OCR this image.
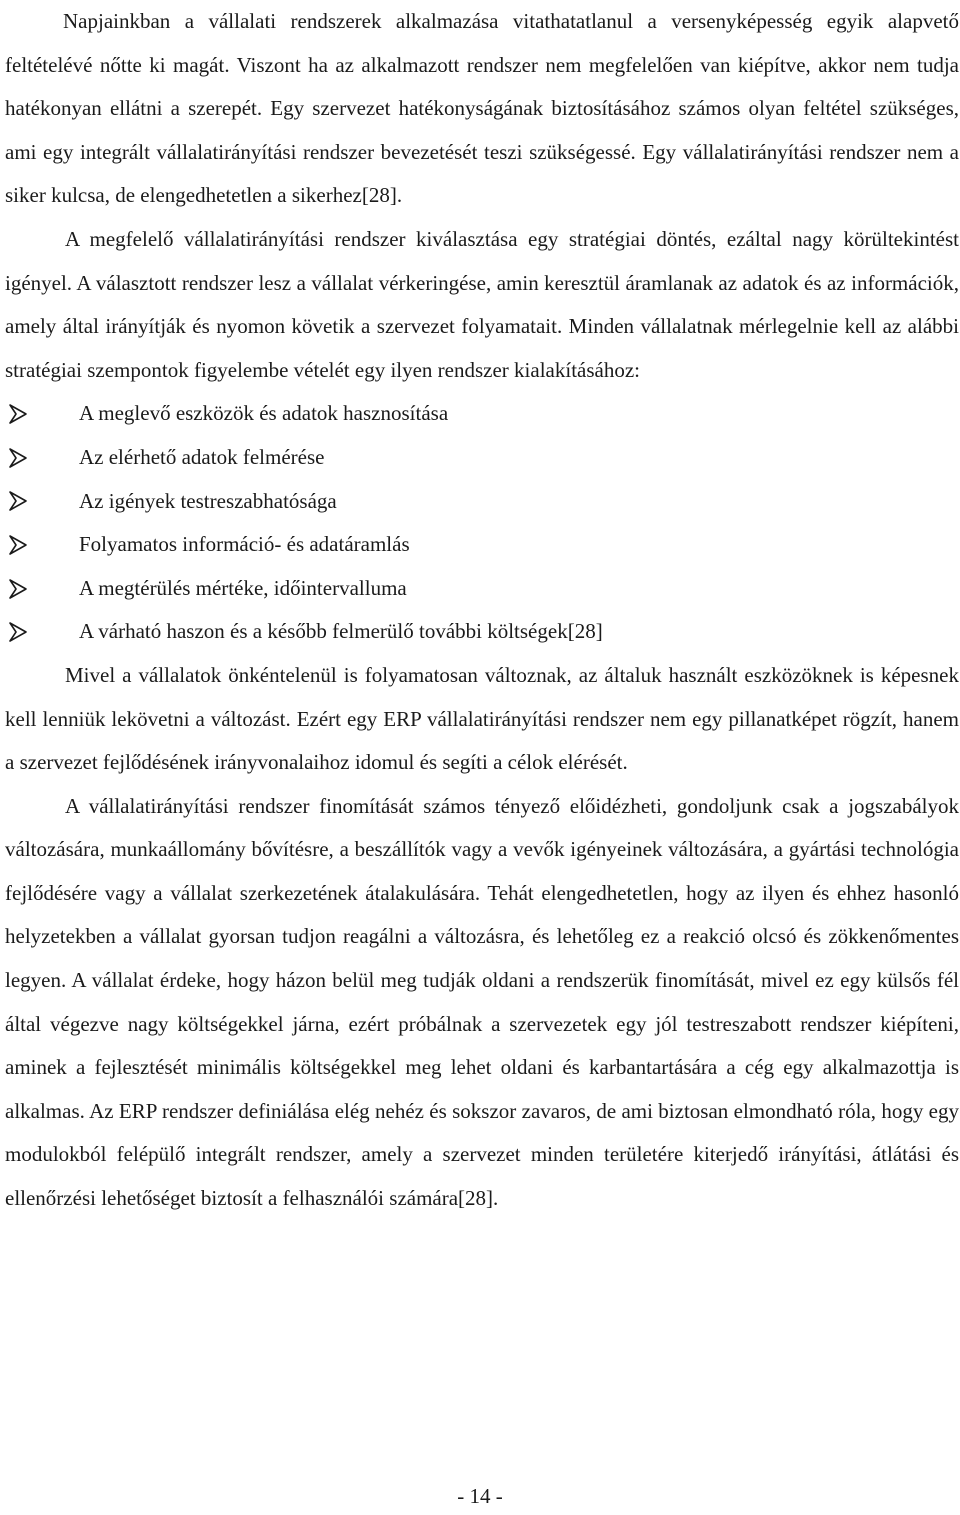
Napjainkban a vállalati rendszerek alkalmazása vitathatatlanul a versenyképesség egyik alapvető feltételévé nőtte ki magát. Viszont ha az alkalmazott rendszer nem megfelelően van kiépítve, akkor nem tudja hatékonyan ellátni a szerepét. Egy szervezet hatékonyságának biztosításához számos olyan feltétel szükséges, ami egy integrált vállalatirányítási rendszer bevezetését teszi szükségessé. Egy vállalatirányítási rendszer nem a siker kulcsa, de elengedhetetlen a sikerhez[28].

A megfelelő vállalatirányítási rendszer kiválasztása egy stratégiai döntés, ezáltal nagy körültekintést igényel. A választott rendszer lesz a vállalat vérkeringése, amin keresztül áramlanak az adatok és az információk, amely által irányítják és nyomon követik a szervezet folyamatait. Minden vállalatnak mérlegelnie kell az alábbi stratégiai szempontok figyelembe vételét egy ilyen rendszer kialakításához:

A meglevő eszközök és adatok hasznosítása
Az elérhető adatok felmérése
Az igények testreszabhatósága
Folyamatos információ- és adatáramlás
A megtérülés mértéke, időintervalluma
A várható haszon és a később felmerülő további költségek[28]

Mivel a vállalatok önkéntelenül is folyamatosan változnak, az általuk használt eszközöknek is képesnek kell lenniük lekövetni a változást. Ezért egy ERP vállalatirányítási rendszer nem egy pillanatképet rögzít, hanem a szervezet fejlődésének irányvonalaihoz idomul és segíti a célok elérését.

A vállalatirányítási rendszer finomítását számos tényező előidézheti, gondoljunk csak a jogszabályok változására, munkaállomány bővítésre, a beszállítók vagy a vevők igényeinek változására, a gyártási technológia fejlődésére vagy a vállalat szerkezetének átalakulására. Tehát elengedhetetlen, hogy az ilyen és ehhez hasonló helyzetekben a vállalat gyorsan tudjon reagálni a változásra, és lehetőleg ez a reakció olcsó és zökkenőmentes legyen. A vállalat érdeke, hogy házon belül meg tudják oldani a rendszerük finomítását, mivel ez egy külsős fél által végezve nagy költségekkel járna, ezért próbálnak a szervezetek egy jól testreszabott rendszer kiépíteni, aminek a fejlesztését minimális költségekkel meg lehet oldani és karbantartására a cég egy alkalmazottja is alkalmas. Az ERP rendszer definiálása elég nehéz és sokszor zavaros, de ami biztosan elmondható róla, hogy egy modulokból felépülő integrált rendszer, amely a szervezet minden területére kiterjedő irányítási, átlátási és ellenőrzési lehetőséget biztosít a felhasználói számára[28].

- 14 -
